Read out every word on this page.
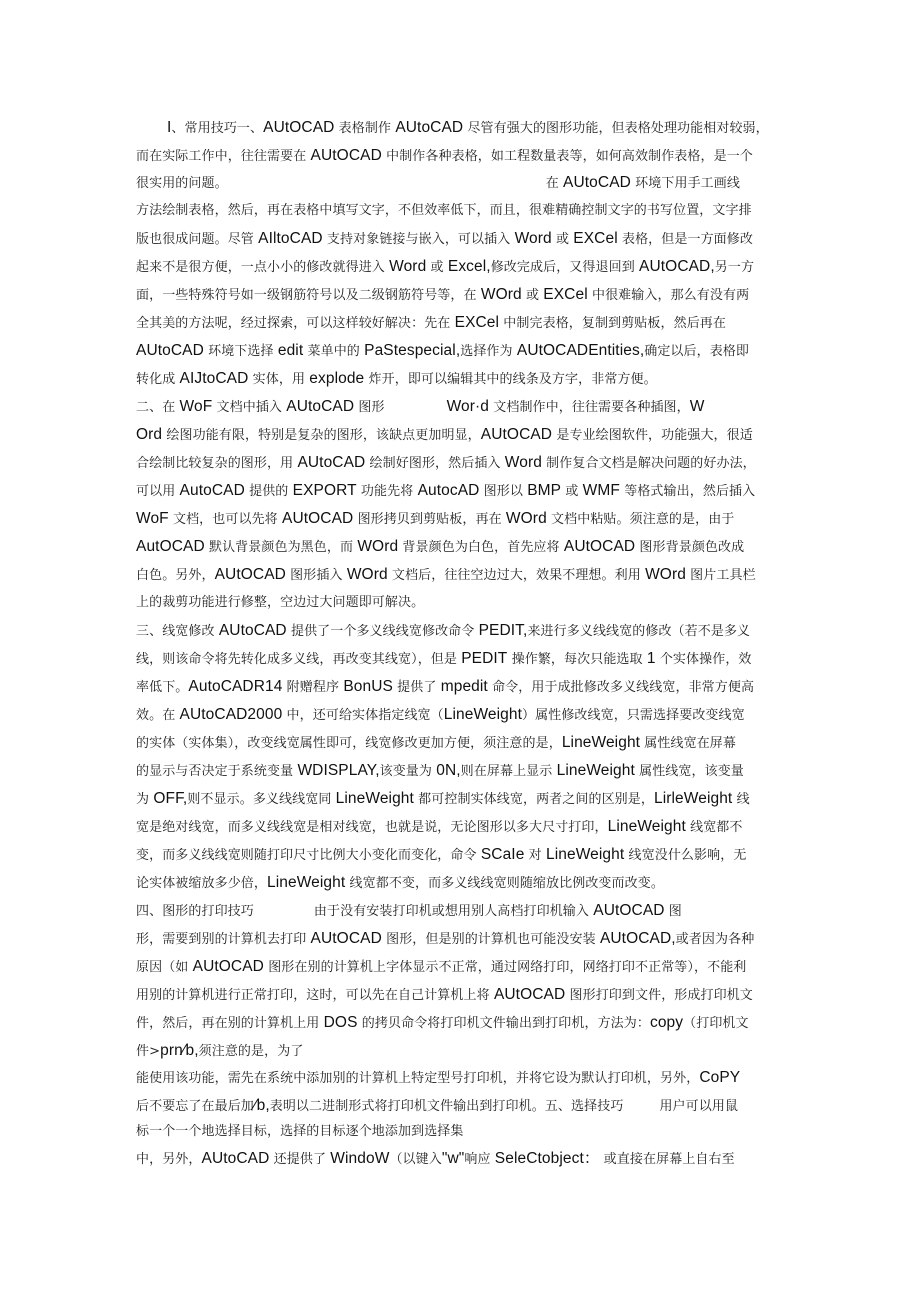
I、常用技巧一、AUtOCAD 表格制作 AUtoCAD 尽管有强大的图形功能，但表格处理功能相对较弱，
而在实际工作中，往往需要在 AUtOCAD 中制作各种表格，如工程数量表等，如何高效制作表格，是一个
很实用的问题。	在 AUtoCAD 环境下用手工画线
方法绘制表格，然后，再在表格中填写文字，不但效率低下，而且，很难精确控制文字的书写位置，文字排
版也很成问题。尽管 AIltoCAD 支持对象链接与嵌入，可以插入 Word 或 EXCel 表格，但是一方面修改
起来不是很方便，一点小小的修改就得进入 Word 或 Excel,修改完成后，又得退回到 AUtOCAD,另一方
面，一些特殊符号如一级钢筋符号以及二级钢筋符号等，在 WOrd 或 EXCel 中很难输入，那么有没有两
全其美的方法呢，经过探索，可以这样较好解决：先在 EXCel 中制完表格，复制到剪贴板，然后再在
AUtoCAD 环境下选择 edit 菜单中的 PaStespecial,选择作为 AUtOCADEntities,确定以后，表格即
转化成 AIJtoCAD 实体，用 explode 炸开，即可以编辑其中的线条及方字，非常方便。
二、在 WoF 文档中插入 AUtoCAD 图形	Wor·d 文档制作中，往往需要各种插图，W
Ord 绘图功能有限，特别是复杂的图形，该缺点更加明显，AUtOCAD 是专业绘图软件，功能强大，很适
合绘制比较复杂的图形，用 AUtoCAD 绘制好图形，然后插入 Word 制作复合文档是解决问题的好办法，
可以用 AutoCAD 提供的 EXPORT 功能先将 AutocAD 图形以 BMP 或 WMF 等格式输出，然后插入
WoF 文档，也可以先将 AUtOCAD 图形拷贝到剪贴板，再在 WOrd 文档中粘贴。须注意的是，由于
AutOCAD 默认背景颜色为黑色，而 WOrd 背景颜色为白色，首先应将 AUtOCAD 图形背景颜色改成
白色。另外，AUtOCAD 图形插入 WOrd 文档后，往往空边过大，效果不理想。利用 WOrd 图片工具栏
上的裁剪功能进行修整，空边过大问题即可解决。
三、线宽修改 AUtoCAD 提供了一个多义线线宽修改命令 PEDIT,来进行多义线线宽的修改（若不是多义
线，则该命令将先转化成多义线，再改变其线宽），但是 PEDIT 操作繁，每次只能选取 1 个实体操作，效
率低下。AutoCADR14 附赠程序 BonUS 提供了 mpedit 命令，用于成批修改多义线线宽，非常方便高
效。在 AUtoCAD2000 中，还可给实体指定线宽（LineWeight）属性修改线宽，只需选择要改变线宽
的实体（实体集），改变线宽属性即可，线宽修改更加方便，须注意的是，LineWeight 属性线宽在屏幕
的显示与否决定于系统变量 WDISPLAY,该变量为 0N,则在屏幕上显示 LineWeight 属性线宽，该变量
为 OFF,则不显示。多义线线宽同 LineWeight 都可控制实体线宽，两者之间的区别是，LirleWeight 线
宽是绝对线宽，而多义线线宽是相对线宽，也就是说，无论图形以多大尺寸打印，LineWeight 线宽都不
变，而多义线线宽则随打印尺寸比例大小变化而变化，命令 SCaIe 对 LineWeight 线宽没什么影响，无
论实体被缩放多少倍，LineWeight 线宽都不变，而多义线线宽则随缩放比例改变而改变。
四、图形的打印技巧	由于没有安装打印机或想用别人高档打印机输入 AUtOCAD 图
形，需要到别的计算机去打印 AUtOCAD 图形，但是别的计算机也可能没安装 AUtOCAD,或者因为各种
原因（如 AUtOCAD 图形在别的计算机上字体显示不正常，通过网络打印，网络打印不正常等），不能利
用别的计算机进行正常打印，这时，可以先在自己计算机上将 AUtOCAD 图形打印到文件，形成打印机文
件，然后，再在别的计算机上用 DOS 的拷贝命令将打印机文件输出到打印机，方法为：copy（打印机文
件>prn⁄b,须注意的是，为了
能使用该功能，需先在系统中添加别的计算机上特定型号打印机，并将它设为默认打印机，另外，CoPY
后不要忘了在最后加⁄b,表明以二进制形式将打印机文件输出到打印机。五、选择技巧	用户可以用鼠
标一个一个地选择目标，选择的目标逐个地添加到选择集
中，另外，AUtoCAD 还提供了 WindoW（以键入"w"响应 SeleCtobject： 或直接在屏幕上自右至
